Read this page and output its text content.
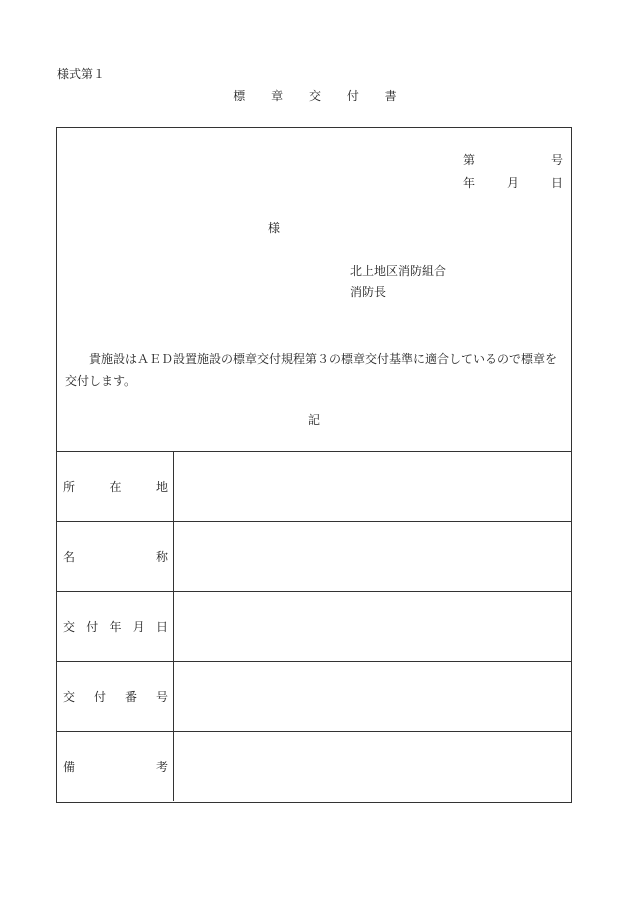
様式第１
標 章 交 付 書
第	号
年	月	日
様
北上地区消防組合
消防長
貴施設はＡＥＤ設置施設の標章交付規程第３の標章交付基準に適合しているので標章を交付します。
記
所	在	地
名	称
交 付 年 月 日
交 付 番 号
備	考
